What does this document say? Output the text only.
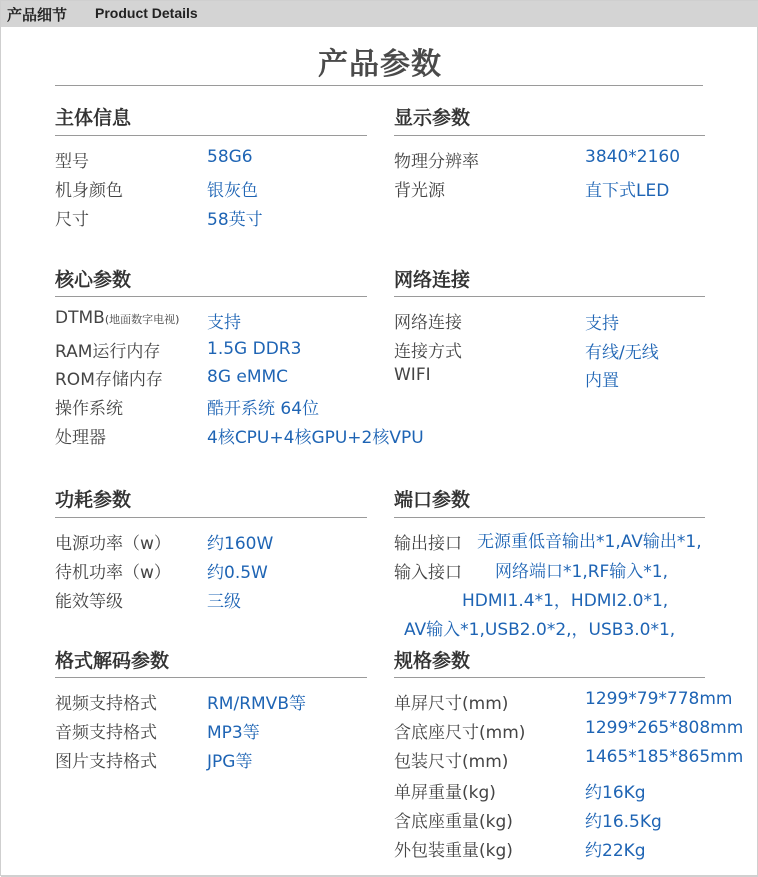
产品细节 Product Details
产品参数
主体信息
型号	58G6
机身颜色	银灰色
尺寸	58英寸
显示参数
物理分辨率	3840*2160
背光源	直下式LED
核心参数
DTMB(地面数字电视) 支持
RAM运行内存	1.5G DDR3
ROM存储内存	8G eMMC
操作系统	酷开系统 64位
处理器	4核CPU+4核GPU+2核VPU
网络连接
网络连接	支持
连接方式	有线/无线
WIFI	内置
功耗参数
电源功率（w） 约160W
待机功率（w） 约0.5W
能效等级	三级
端口参数
输出接口 无源重低音输出*1,AV输出*1,
输入接口 网络端口*1,RF输入*1,
HDMI1.4*1，HDMI2.0*1,
AV输入*1,USB2.0*2,，USB3.0*1,
格式解码参数
视频支持格式	RM/RMVB等
音频支持格式	MP3等
图片支持格式	JPG等
规格参数
单屏尺寸(mm)	1299*79*778mm
含底座尺寸(mm)	1299*265*808mm
包装尺寸(mm)	1465*185*865mm
单屏重量(kg)	约16Kg
含底座重量(kg)	约16.5Kg
外包装重量(kg)	约22Kg
